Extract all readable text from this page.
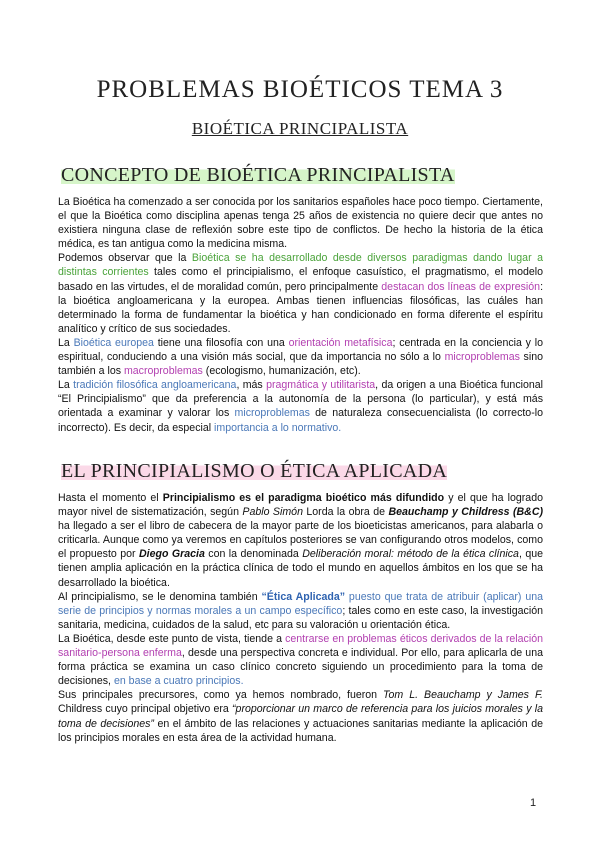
PROBLEMAS BIOÉTICOS TEMA 3
BIOÉTICA PRINCIPALISTA
CONCEPTO DE BIOÉTICA PRINCIPALISTA

La Bioética ha comenzado a ser conocida por los sanitarios españoles hace poco tiempo. Ciertamente, el que la Bioética como disciplina apenas tenga 25 años de existencia no quiere decir que antes no existiera ninguna clase de reflexión sobre este tipo de conflictos. De hecho la historia de la ética médica, es tan antigua como la medicina misma.

Podemos observar que la Bioética se ha desarrollado desde diversos paradigmas dando lugar a distintas corrientes tales como el principialismo, el enfoque casuístico, el pragmatismo, el modelo basado en las virtudes, el de moralidad común, pero principalmente destacan dos líneas de expresión: la bioética angloamericana y la europea. Ambas tienen influencias filosóficas, las cuáles han determinado la forma de fundamentar la bioética y han condicionado en forma diferente el espíritu analítico y crítico de sus sociedades.

La Bioética europea tiene una filosofía con una orientación metafísica; centrada en la conciencia y lo espiritual, conduciendo a una visión más social, que da importancia no sólo a lo microproblemas sino también a los macroproblemas (ecologismo, humanización, etc).

La tradición filosófica angloamericana, más pragmática y utilitarista, da origen a una Bioética funcional “El Principialismo” que da preferencia a la autonomía de la persona (lo particular), y está más orientada a examinar y valorar los microproblemas de naturaleza consecuencialista (lo correcto-lo incorrecto). Es decir, da especial importancia a lo normativo.

EL PRINCIPIALISMO O ÉTICA APLICADA

Hasta el momento el Principialismo es el paradigma bioético más difundido y el que ha logrado mayor nivel de sistematización, según Pablo Simón Lorda la obra de Beauchamp y Childress (B&C) ha llegado a ser el libro de cabecera de la mayor parte de los bioeticistas americanos, para alabarla o criticarla. Aunque como ya veremos en capítulos posteriores se van configurando otros modelos, como el propuesto por Diego Gracia con la denominada Deliberación moral: método de la ética clínica, que tienen amplia aplicación en la práctica clínica de todo el mundo en aquellos ámbitos en los que se ha desarrollado la bioética.

Al principialismo, se le denomina también “Ética Aplicada” puesto que trata de atribuir (aplicar) una serie de principios y normas morales a un campo específico; tales como en este caso, la investigación sanitaria, medicina, cuidados de la salud, etc para su valoración u orientación ética.

La Bioética, desde este punto de vista, tiende a centrarse en problemas éticos derivados de la relación sanitario-persona enferma, desde una perspectiva concreta e individual. Por ello, para aplicarla de una forma práctica se examina un caso clínico concreto siguiendo un procedimiento para la toma de decisiones, en base a cuatro principios.

Sus principales precursores, como ya hemos nombrado, fueron Tom L. Beauchamp y James F. Childress cuyo principal objetivo era “proporcionar un marco de referencia para los juicios morales y la toma de decisiones” en el ámbito de las relaciones y actuaciones sanitarias mediante la aplicación de los principios morales en esta área de la actividad humana.

1
